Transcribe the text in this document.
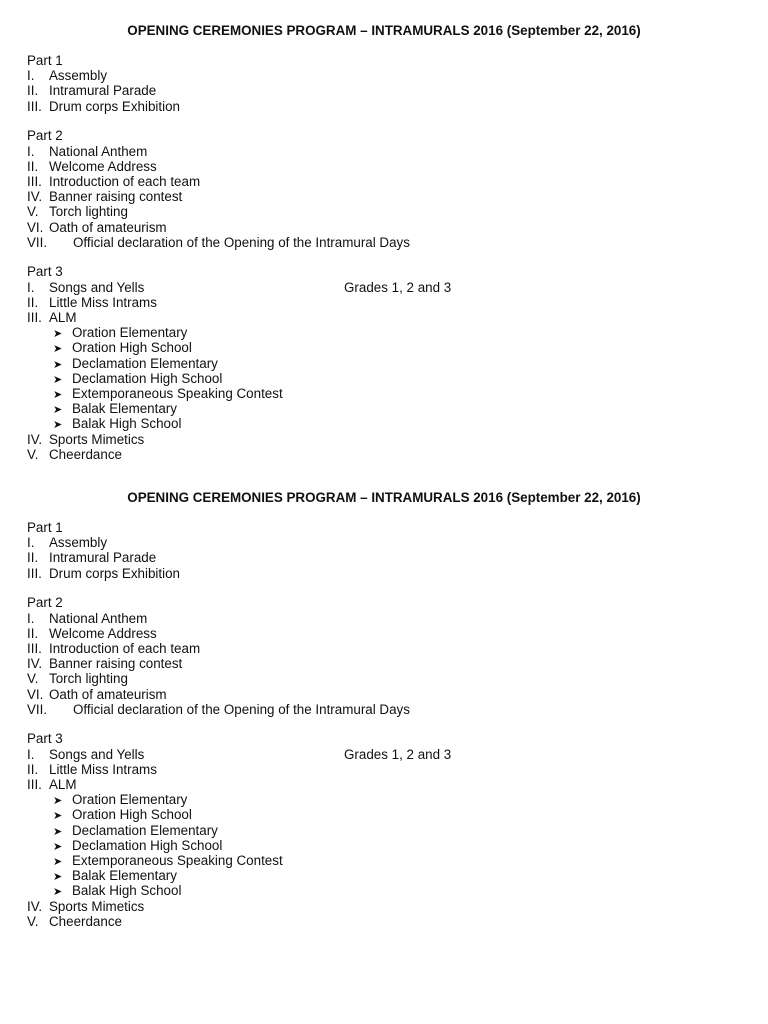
OPENING CEREMONIES PROGRAM – INTRAMURALS 2016 (September 22, 2016)
Part 1
I. Assembly
II. Intramural Parade
III. Drum corps Exhibition
Part 2
I. National Anthem
II. Welcome Address
III. Introduction of each team
IV. Banner raising contest
V. Torch lighting
VI. Oath of amateurism
VII. Official declaration of the Opening of the Intramural Days
Part 3
I. Songs and Yells	Grades 1, 2 and 3
II. Little Miss Intrams
III. ALM
➤ Oration Elementary
➤ Oration High School
➤ Declamation Elementary
➤ Declamation High School
➤ Extemporaneous Speaking Contest
➤ Balak Elementary
➤ Balak High School
IV. Sports Mimetics
V. Cheerdance
OPENING CEREMONIES PROGRAM – INTRAMURALS 2016 (September 22, 2016)
Part 1
I. Assembly
II. Intramural Parade
III. Drum corps Exhibition
Part 2
I. National Anthem
II. Welcome Address
III. Introduction of each team
IV. Banner raising contest
V. Torch lighting
VI. Oath of amateurism
VII. Official declaration of the Opening of the Intramural Days
Part 3
I. Songs and Yells	Grades 1, 2 and 3
II. Little Miss Intrams
III. ALM
➤ Oration Elementary
➤ Oration High School
➤ Declamation Elementary
➤ Declamation High School
➤ Extemporaneous Speaking Contest
➤ Balak Elementary
➤ Balak High School
IV. Sports Mimetics
V. Cheerdance
